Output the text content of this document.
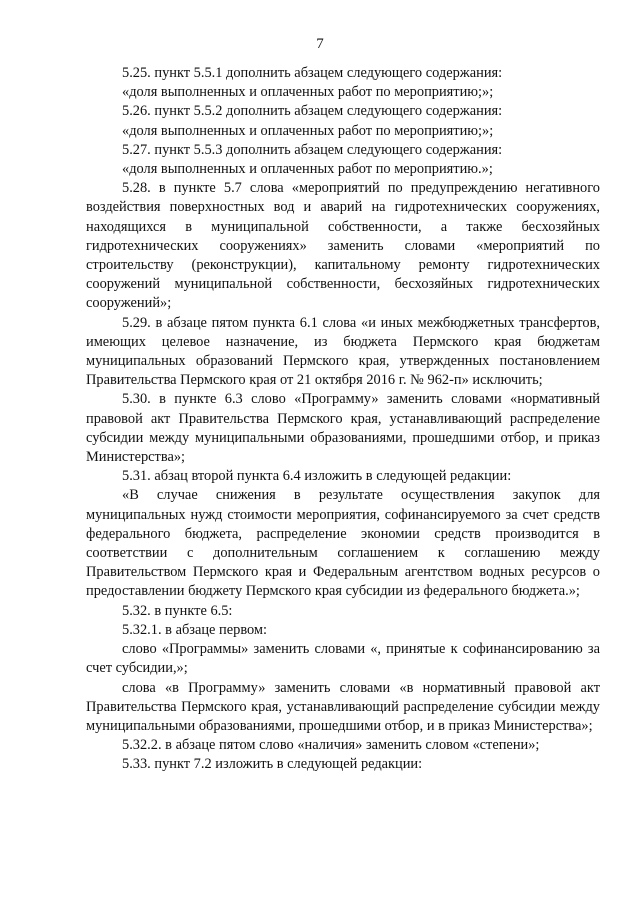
7

5.25. пункт 5.5.1 дополнить абзацем следующего содержания:

«доля выполненных и оплаченных работ по мероприятию;»;

5.26. пункт 5.5.2 дополнить абзацем следующего содержания:

«доля выполненных и оплаченных работ по мероприятию;»;

5.27. пункт 5.5.3 дополнить абзацем следующего содержания:

«доля выполненных и оплаченных работ по мероприятию.»;

5.28. в пункте 5.7 слова «мероприятий по предупреждению негативного воздействия поверхностных вод и аварий на гидротехнических сооружениях, находящихся в муниципальной собственности, а также бесхозяйных гидротехнических сооружениях» заменить словами «мероприятий по строительству (реконструкции), капитальному ремонту гидротехнических сооружений муниципальной собственности, бесхозяйных гидротехнических сооружений»;

5.29. в абзаце пятом пункта 6.1 слова «и иных межбюджетных трансфертов, имеющих целевое назначение, из бюджета Пермского края бюджетам муниципальных образований Пермского края, утвержденных постановлением Правительства Пермского края от 21 октября 2016 г. № 962-п» исключить;

5.30. в пункте 6.3 слово «Программу» заменить словами «нормативный правовой акт Правительства Пермского края, устанавливающий распределение субсидии между муниципальными образованиями, прошедшими отбор, и приказ Министерства»;

5.31. абзац второй пункта 6.4 изложить в следующей редакции:

«В случае снижения в результате осуществления закупок для муниципальных нужд стоимости мероприятия, софинансируемого за счет средств федерального бюджета, распределение экономии средств производится в соответствии с дополнительным соглашением к соглашению между Правительством Пермского края и Федеральным агентством водных ресурсов о предоставлении бюджету Пермского края субсидии из федерального бюджета.»;

5.32. в пункте 6.5:

5.32.1. в абзаце первом:

слово «Программы» заменить словами «, принятые к софинансированию за счет субсидии,»;

слова «в Программу» заменить словами «в нормативный правовой акт Правительства Пермского края, устанавливающий распределение субсидии между муниципальными образованиями, прошедшими отбор, и в приказ Министерства»;

5.32.2. в абзаце пятом слово «наличия» заменить словом «степени»;

5.33. пункт 7.2 изложить в следующей редакции:
